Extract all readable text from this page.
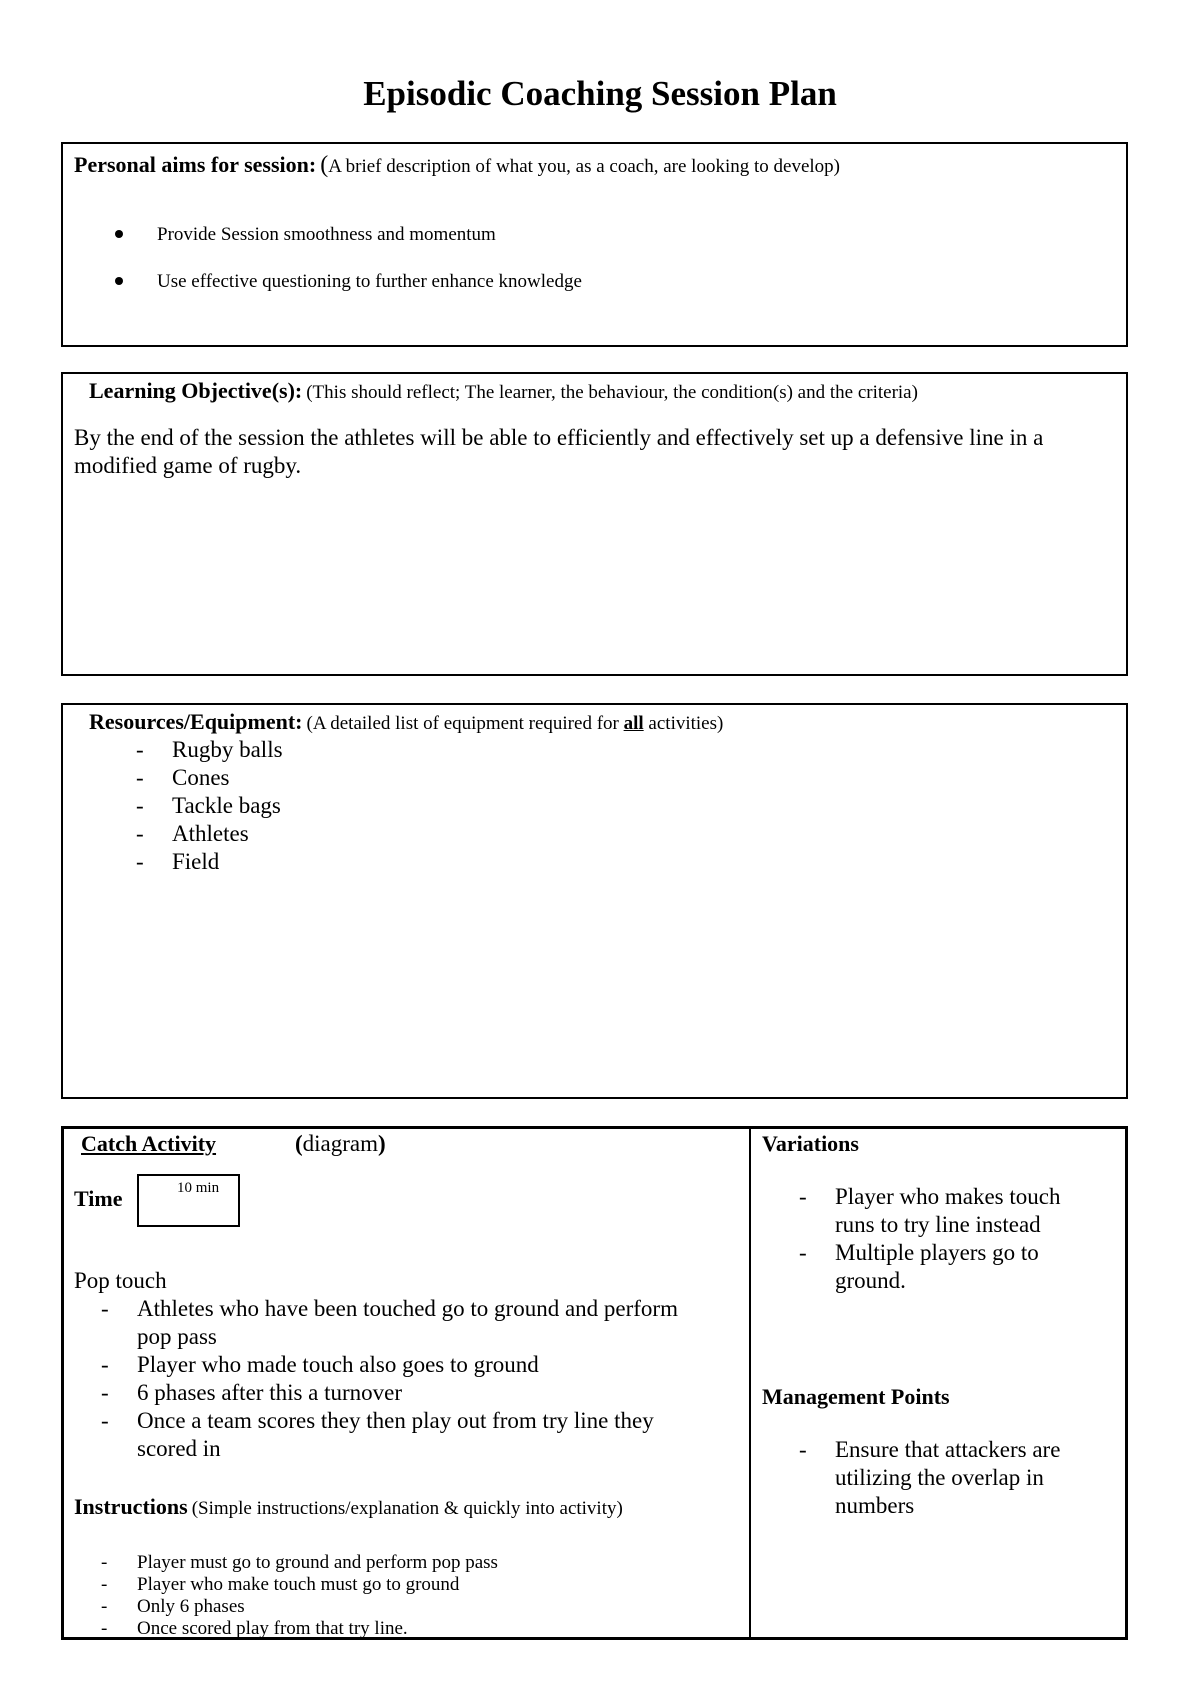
Episodic Coaching Session Plan
Personal aims for session: (A brief description of what you, as a coach, are looking to develop)
Provide Session smoothness and momentum
Use effective questioning to further enhance knowledge
Learning Objective(s): (This should reflect; The learner, the behaviour, the condition(s) and the criteria)
By the end of the session the athletes will be able to efficiently and effectively set up a defensive line in a modified game of rugby.
Resources/Equipment: (A detailed list of equipment required for all activities)
- Rugby balls
- Cones
- Tackle bags
- Athletes
- Field
Catch Activity	(diagram)
Time	10 min
Pop touch
- Athletes who have been touched go to ground and perform pop pass
- Player who made touch also goes to ground
- 6 phases after this a turnover
- Once a team scores they then play out from try line they scored in
Instructions (Simple instructions/explanation & quickly into activity)
- Player must go to ground and perform pop pass
- Player who make touch must go to ground
- Only 6 phases
- Once scored play from that try line.
Variations
- Player who makes touch runs to try line instead
- Multiple players go to ground.
Management Points
- Ensure that attackers are utilizing the overlap in numbers
